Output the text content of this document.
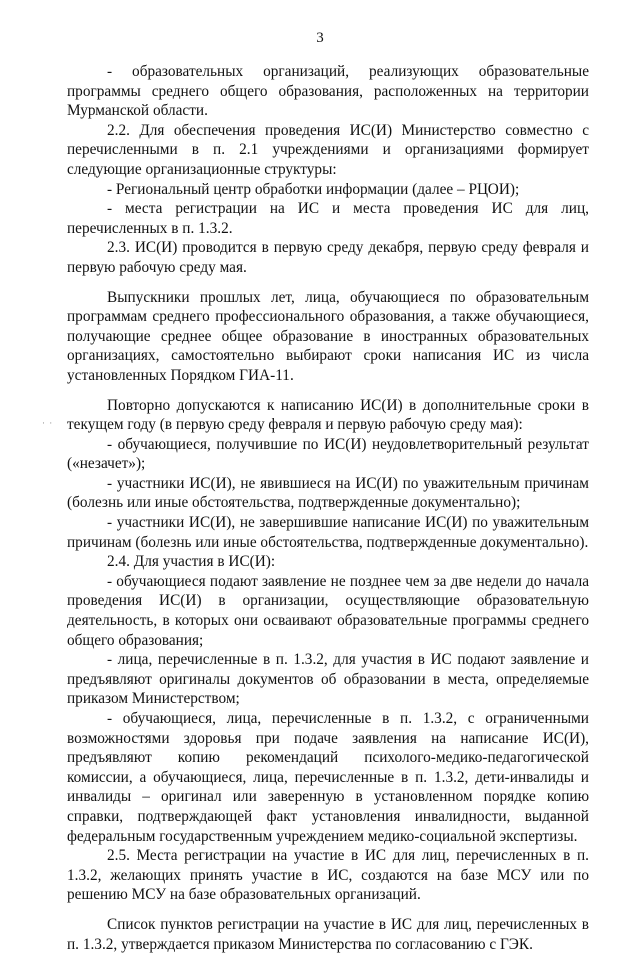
3
· ·

- образовательных организаций, реализующих образовательные программы среднего общего образования, расположенных на территории Мурманской области.

2.2. Для обеспечения проведения ИС(И) Министерство совместно с перечисленными в п. 2.1 учреждениями и организациями формирует следующие организационные структуры:

- Региональный центр обработки информации (далее – РЦОИ);

- места регистрации на ИС и места проведения ИС для лиц, перечисленных в п. 1.3.2.

2.3. ИС(И) проводится в первую среду декабря, первую среду февраля и первую рабочую среду мая.

Выпускники прошлых лет, лица, обучающиеся по образовательным программам среднего профессионального образования, а также обучающиеся, получающие среднее общее образование в иностранных образовательных организациях, самостоятельно выбирают сроки написания ИС из числа установленных Порядком ГИА-11.

Повторно допускаются к написанию ИС(И) в дополнительные сроки в текущем году (в первую среду февраля и первую рабочую среду мая):

- обучающиеся, получившие по ИС(И) неудовлетворительный результат («незачет»);

- участники ИС(И), не явившиеся на ИС(И) по уважительным причинам (болезнь или иные обстоятельства, подтвержденные документально);

- участники ИС(И), не завершившие написание ИС(И) по уважительным причинам (болезнь или иные обстоятельства, подтвержденные документально).

2.4. Для участия в ИС(И):

- обучающиеся подают заявление не позднее чем за две недели до начала проведения ИС(И) в организации, осуществляющие образовательную деятельность, в которых они осваивают образовательные программы среднего общего образования;

- лица, перечисленные в п. 1.3.2, для участия в ИС подают заявление и предъявляют оригиналы документов об образовании в места, определяемые приказом Министерством;

- обучающиеся, лица, перечисленные в п. 1.3.2, с ограниченными возможностями здоровья при подаче заявления на написание ИС(И), предъявляют копию рекомендаций психолого-медико-педагогической комиссии, а обучающиеся, лица, перечисленные в п. 1.3.2, дети-инвалиды и инвалиды – оригинал или заверенную в установленном порядке копию справки, подтверждающей факт установления инвалидности, выданной федеральным государственным учреждением медико-социальной экспертизы.

2.5. Места регистрации на участие в ИС для лиц, перечисленных в п. 1.3.2, желающих принять участие в ИС, создаются на базе МСУ или по решению МСУ на базе образовательных организаций.

Список пунктов регистрации на участие в ИС для лиц, перечисленных в п. 1.3.2, утверждается приказом Министерства по согласованию с ГЭК.
